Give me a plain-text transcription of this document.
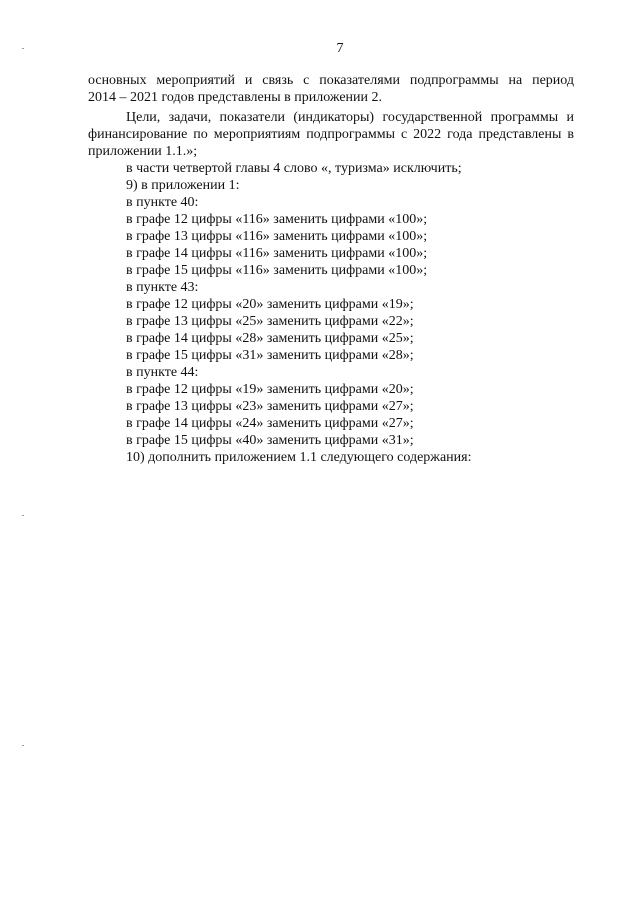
7
основных мероприятий и связь с показателями подпрограммы на период
2014 – 2021 годов представлены в приложении 2.
Цели, задачи, показатели (индикаторы) государственной программы и
финансирование по мероприятиям подпрограммы с 2022 года представлены в
приложении 1.1.»;
в части четвертой главы 4 слово «, туризма» исключить;
9) в приложении 1:
в пункте 40:
в графе 12 цифры «116» заменить цифрами «100»;
в графе 13 цифры «116» заменить цифрами «100»;
в графе 14 цифры «116» заменить цифрами «100»;
в графе 15 цифры «116» заменить цифрами «100»;
в пункте 43:
в графе 12 цифры «20» заменить цифрами «19»;
в графе 13 цифры «25» заменить цифрами «22»;
в графе 14 цифры «28» заменить цифрами «25»;
в графе 15 цифры «31» заменить цифрами «28»;
в пункте 44:
в графе 12 цифры «19» заменить цифрами «20»;
в графе 13 цифры «23» заменить цифрами «27»;
в графе 14 цифры «24» заменить цифрами «27»;
в графе 15 цифры «40» заменить цифрами «31»;
10) дополнить приложением 1.1 следующего содержания:
